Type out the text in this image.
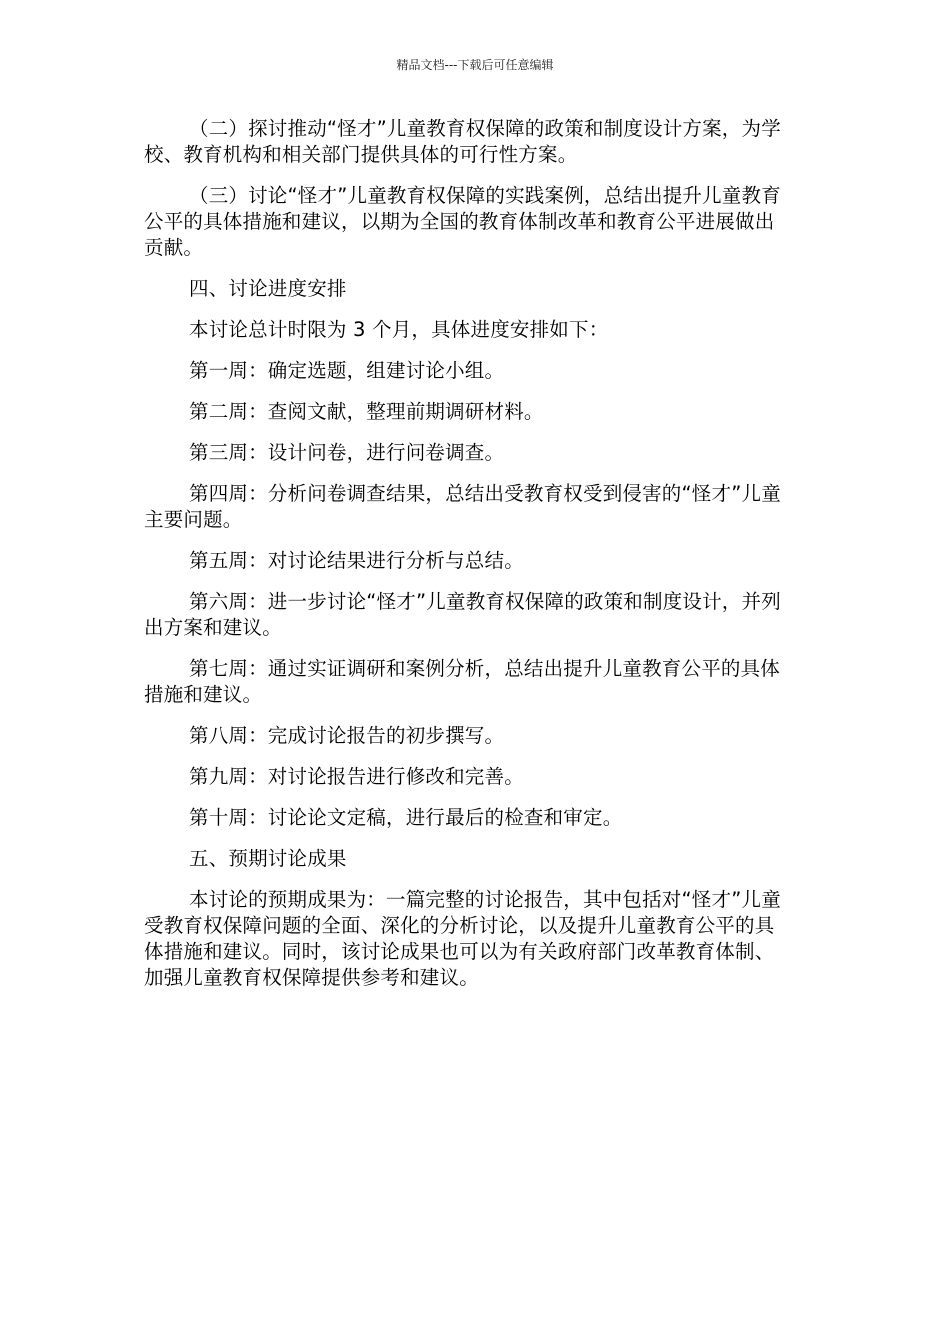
精品文档---下载后可任意编辑

（二）探讨推动“怪才”儿童教育权保障的政策和制度设计方案，为学校、教育机构和相关部门提供具体的可行性方案。

（三）讨论“怪才”儿童教育权保障的实践案例，总结出提升儿童教育公平的具体措施和建议，以期为全国的教育体制改革和教育公平进展做出贡献。

四、讨论进度安排

本讨论总计时限为 3 个月，具体进度安排如下：

第一周：确定选题，组建讨论小组。

第二周：查阅文献，整理前期调研材料。

第三周：设计问卷，进行问卷调查。

第四周：分析问卷调查结果，总结出受教育权受到侵害的“怪才”儿童主要问题。

第五周：对讨论结果进行分析与总结。

第六周：进一步讨论“怪才”儿童教育权保障的政策和制度设计，并列出方案和建议。

第七周：通过实证调研和案例分析，总结出提升儿童教育公平的具体措施和建议。

第八周：完成讨论报告的初步撰写。

第九周：对讨论报告进行修改和完善。

第十周：讨论论文定稿，进行最后的检查和审定。

五、预期讨论成果

本讨论的预期成果为：一篇完整的讨论报告，其中包括对“怪才”儿童受教育权保障问题的全面、深化的分析讨论，以及提升儿童教育公平的具体措施和建议。同时，该讨论成果也可以为有关政府部门改革教育体制、加强儿童教育权保障提供参考和建议。
